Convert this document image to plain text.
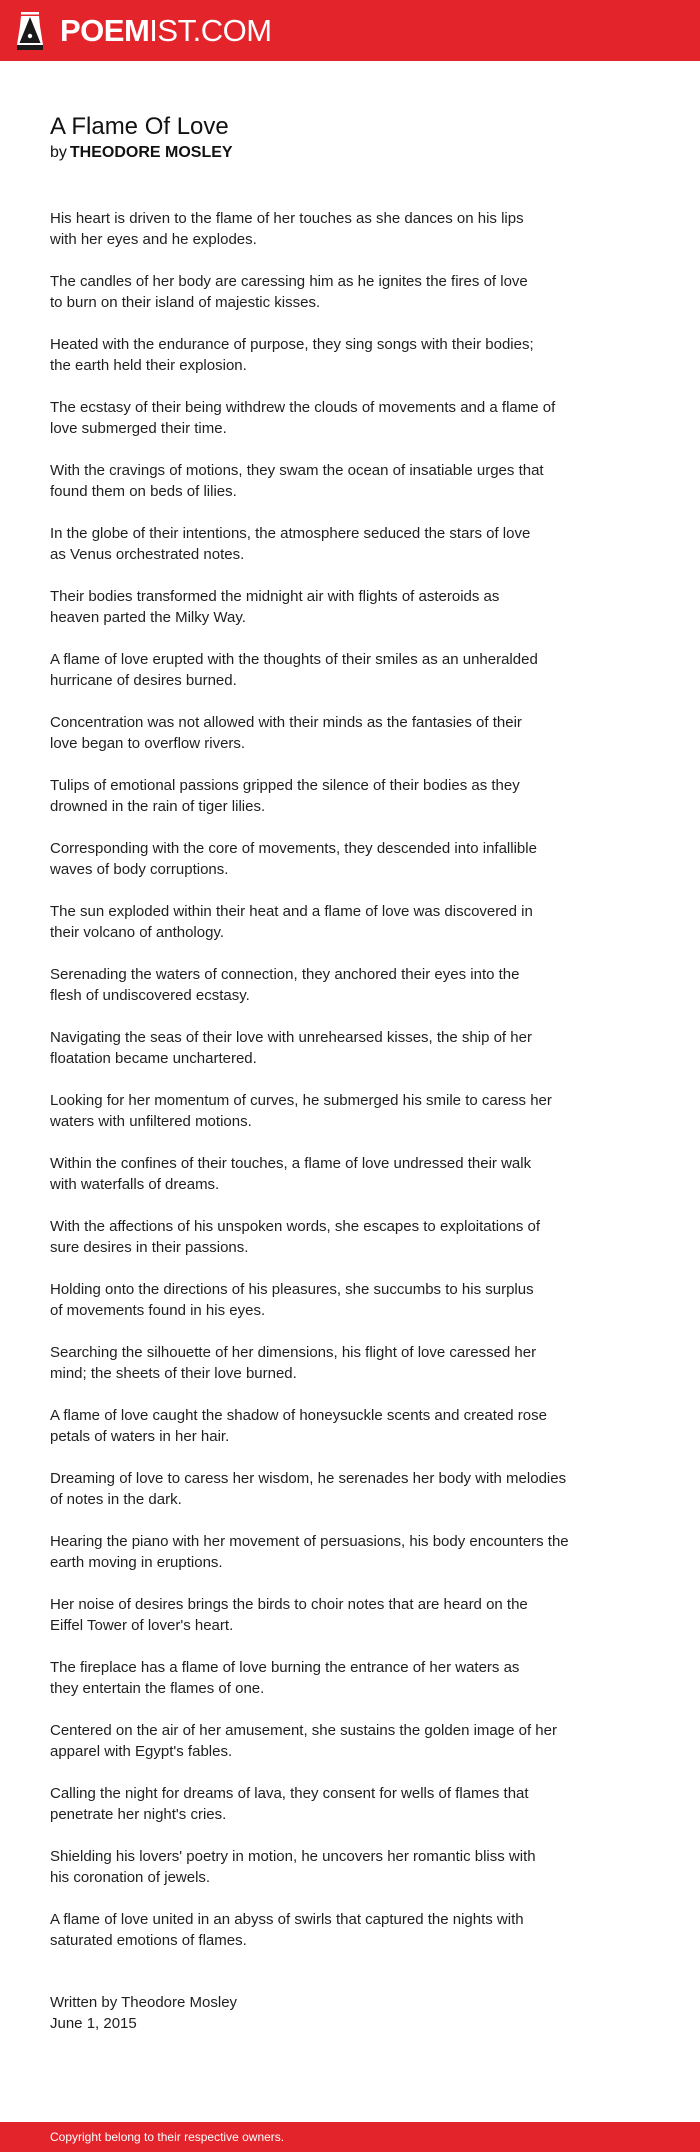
POEMIST.COM
A Flame Of Love
by THEODORE MOSLEY

His heart is driven to the flame of her touches as she dances on his lips
with her eyes and he explodes.

The candles of her body are caressing him as he ignites the fires of love
to burn on their island of majestic kisses.

Heated with the endurance of purpose, they sing songs with their bodies;
the earth held their explosion.

The ecstasy of their being withdrew the clouds of movements and a flame of
love submerged their time.

With the cravings of motions, they swam the ocean of insatiable urges that
found them on beds of lilies.

In the globe of their intentions, the atmosphere seduced the stars of love
as Venus orchestrated notes.

Their bodies transformed the midnight air with flights of asteroids as
heaven parted the Milky Way.

A flame of love erupted with the thoughts of their smiles as an unheralded
hurricane of desires burned.

Concentration was not allowed with their minds as the fantasies of their
love began to overflow rivers.

Tulips of emotional passions gripped the silence of their bodies as they
drowned in the rain of tiger lilies.

Corresponding with the core of movements, they descended into infallible
waves of body corruptions.

The sun exploded within their heat and a flame of love was discovered in
their volcano of anthology.

Serenading the waters of connection, they anchored their eyes into the
flesh of undiscovered ecstasy.

Navigating the seas of their love with unrehearsed kisses, the ship of her
floatation became unchartered.

Looking for her momentum of curves, he submerged his smile to caress her
waters with unfiltered motions.

Within the confines of their touches, a flame of love undressed their walk
with waterfalls of dreams.

With the affections of his unspoken words, she escapes to exploitations of
sure desires in their passions.

Holding onto the directions of his pleasures, she succumbs to his surplus
of movements found in his eyes.

Searching the silhouette of her dimensions, his flight of love caressed her
mind; the sheets of their love burned.

A flame of love caught the shadow of honeysuckle scents and created rose
petals of waters in her hair.

Dreaming of love to caress her wisdom, he serenades her body with melodies
of notes in the dark.

Hearing the piano with her movement of persuasions, his body encounters the
earth moving in eruptions.

Her noise of desires brings the birds to choir notes that are heard on the
Eiffel Tower of lover's heart.

The fireplace has a flame of love burning the entrance of her waters as
they entertain the flames of one.

Centered on the air of her amusement, she sustains the golden image of her
apparel with Egypt's fables.

Calling the night for dreams of lava, they consent for wells of flames that
penetrate her night's cries.

Shielding his lovers' poetry in motion, he uncovers her romantic bliss with
his coronation of jewels.

A flame of love united in an abyss of swirls that captured the nights with
saturated emotions of flames.

Written by Theodore Mosley
June 1, 2015
Copyright belong to their respective owners.
